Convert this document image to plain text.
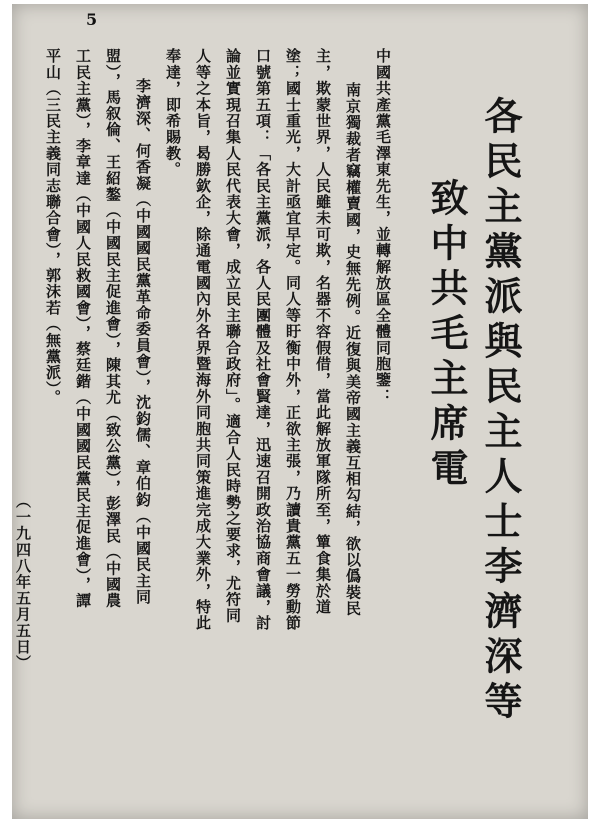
5
各民主黨派與民主人士李濟深等
致中共毛主席電
中國共產黨毛澤東先生，並轉解放區全體同胞鑒：
南京獨裁者竊權賣國，史無先例。近復與美帝國主義互相勾結，欲以僞裝民
主，欺蒙世界，人民雖未可欺，名器不容假借，當此解放軍隊所至，簞食集於道
塗；國士重光，大計亟宜早定。同人等盱衡中外，正欲主張，乃讀貴黨五一勞動節
口號第五項：「各民主黨派，各人民團體及社會賢達，迅速召開政治協商會議，討
論並實現召集人民代表大會，成立民主聯合政府」。適合人民時勢之要求，尤符同
人等之本旨，曷勝欽企，除通電國內外各界暨海外同胞共同策進完成大業外，特此
奉達，即希賜教。
李濟深、何香凝（中國國民黨革命委員會），沈鈞儒、章伯鈞（中國民主同
盟），馬叙倫、王紹鏊（中國民主促進會），陳其尤（致公黨），彭澤民（中國農
工民主黨），李章達（中國人民救國會），蔡廷鍇（中國國民黨民主促進會），譚
平山（三民主義同志聯合會），郭沫若（無黨派）。
（一九四八年五月五日）
